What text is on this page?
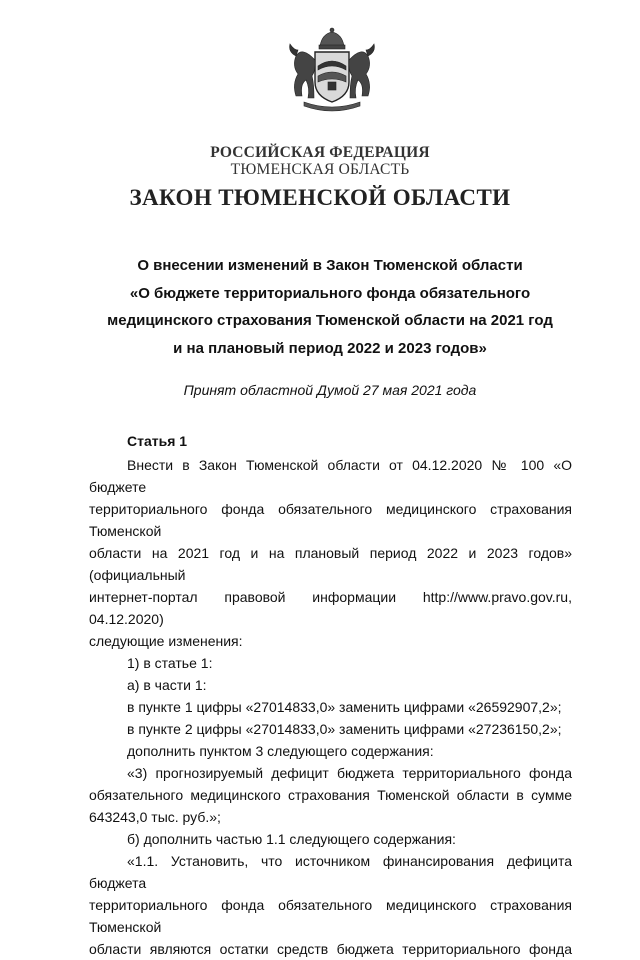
РОССИЙСКАЯ ФЕДЕРАЦИЯ
ТЮМЕНСКАЯ ОБЛАСТЬ
ЗАКОН ТЮМЕНСКОЙ ОБЛАСТИ
О внесении изменений в Закон Тюменской области
«О бюджете территориального фонда обязательного
медицинского страхования Тюменской области на 2021 год
и на плановый период 2022 и 2023 годов»
Принят областной Думой 27 мая 2021 года

Статья 1

Внести в Закон Тюменской области от 04.12.2020 № 100 «О бюджете

территориального фонда обязательного медицинского страхования Тюменской

области на 2021 год и на плановый период 2022 и 2023 годов» (официальный

интернет-портал правовой информации http://www.pravo.gov.ru, 04.12.2020)

следующие изменения:

1) в статье 1:

а) в части 1:

в пункте 1 цифры «27014833,0» заменить цифрами «26592907,2»;

в пункте 2 цифры «27014833,0» заменить цифрами «27236150,2»;

дополнить пунктом 3 следующего содержания:

«3) прогнозируемый дефицит бюджета территориального фонда

обязательного медицинского страхования Тюменской области в сумме

643243,0 тыс. руб.»;

б) дополнить частью 1.1 следующего содержания:

«1.1. Установить, что источником финансирования дефицита бюджета

территориального фонда обязательного медицинского страхования Тюменской

области являются остатки средств бюджета территориального фонда
